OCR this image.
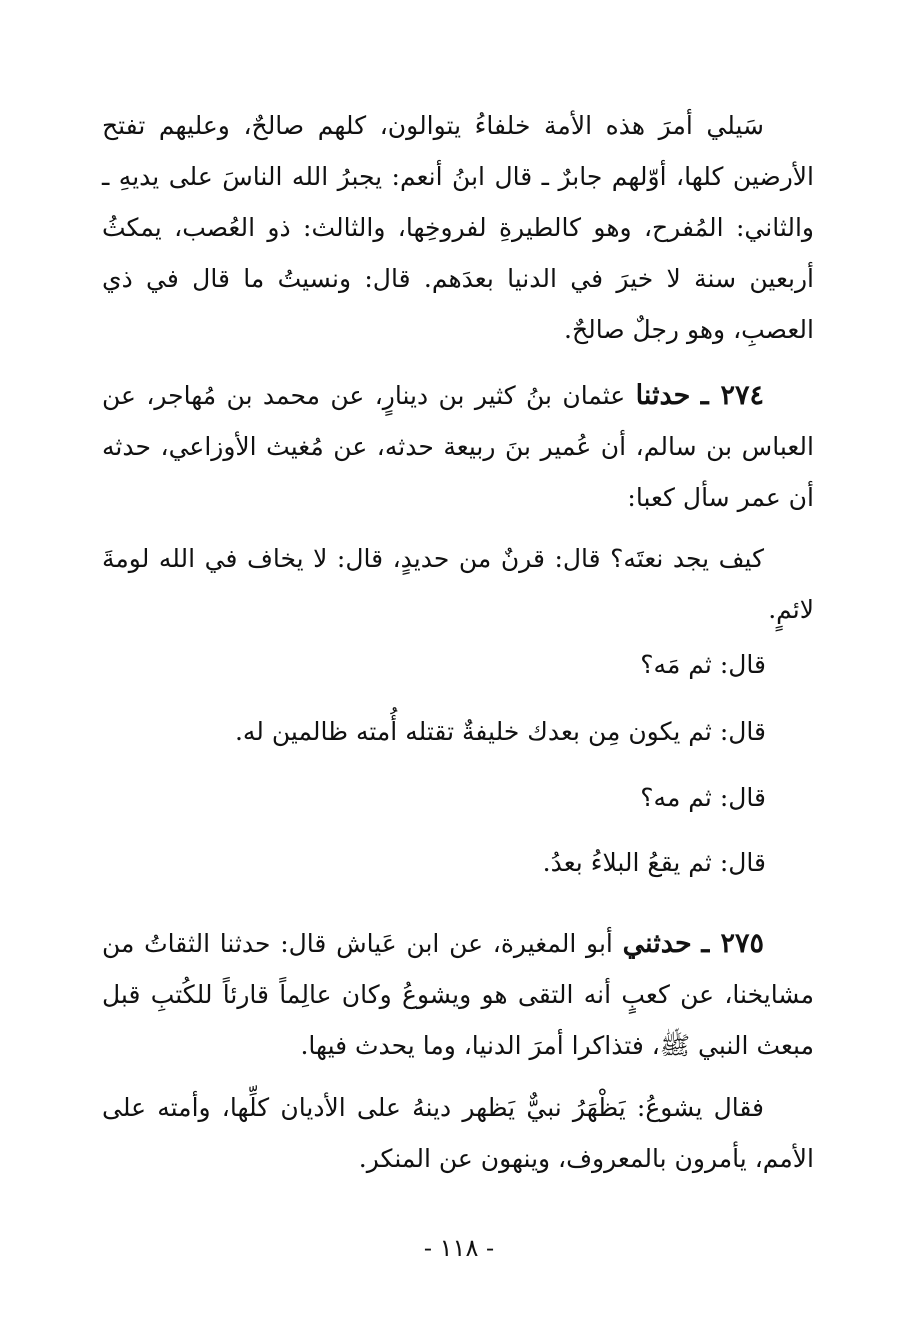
سَيلي أمرَ هذه الأمة خلفاءُ يتوالون، كلهم صالحٌ، وعليهم تفتح الأرضين كلها، أوّلهم جابرٌ ـ قال ابنُ أنعم: يجبرُ الله الناسَ على يديهِ ـ والثاني: المُفرح، وهو كالطيرةِ لفروخِها، والثالث: ذو العُصب، يمكثُ أربعين سنة لا خيرَ في الدنيا بعدَهم. قال: ونسيتُ ما قال في ذي العصبِ، وهو رجلٌ صالحٌ.

٢٧٤ ـ حدثنا عثمان بنُ كثير بن دينارٍ، عن محمد بن مُهاجر، عن العباس بن سالم، أن عُمير بنَ ربيعة حدثه، عن مُغيث الأوزاعي، حدثه أن عمر سأل كعبا:

كيف يجد نعتَه؟ قال: قرنٌ من حديدٍ، قال: لا يخاف في الله لومةَ لائمٍ.

قال: ثم مَه؟

قال: ثم يكون مِن بعدك خليفةٌ تقتله أُمته ظالمين له.

قال: ثم مه؟

قال: ثم يقعُ البلاءُ بعدُ.

٢٧٥ ـ حدثني أبو المغيرة، عن ابن عَياش قال: حدثنا الثقاتُ من مشايخنا، عن كعبٍ أنه التقى هو ويشوعُ وكان عالِماً قارئاً للكُتبِ قبل مبعث النبي ﷺ، فتذاكرا أمرَ الدنيا، وما يحدث فيها.

فقال يشوعُ: يَظْهَرُ نبيٌّ يَظهر دينهُ على الأديان كلِّها، وأمته على الأمم، يأمرون بالمعروف، وينهون عن المنكر.

- ١١٨ -
